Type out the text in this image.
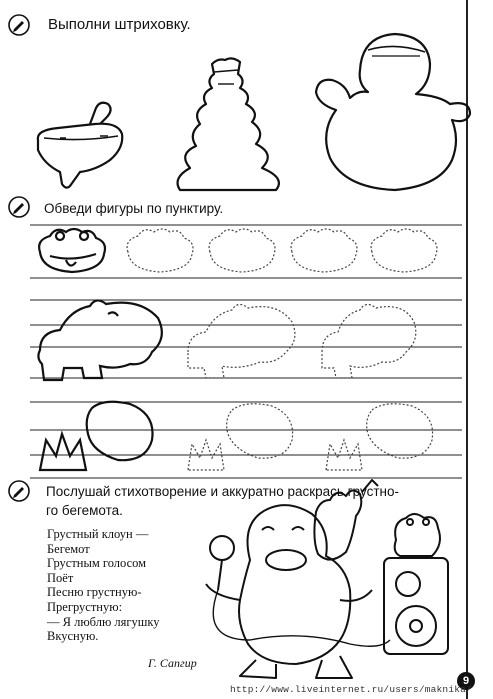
Выполни штриховку.
Обведи фигуры по пунктиру.
Послушай стихотворение и аккуратно раскрась грустно-
го бегемота.
Грустный клоун —
Бегемот
Грустным голосом
Поёт
Песню грустную-
Прегрустную:
— Я люблю лягушку
Вкусную.
Г. Сапгир
9
http://www.liveinternet.ru/users/maknika/
